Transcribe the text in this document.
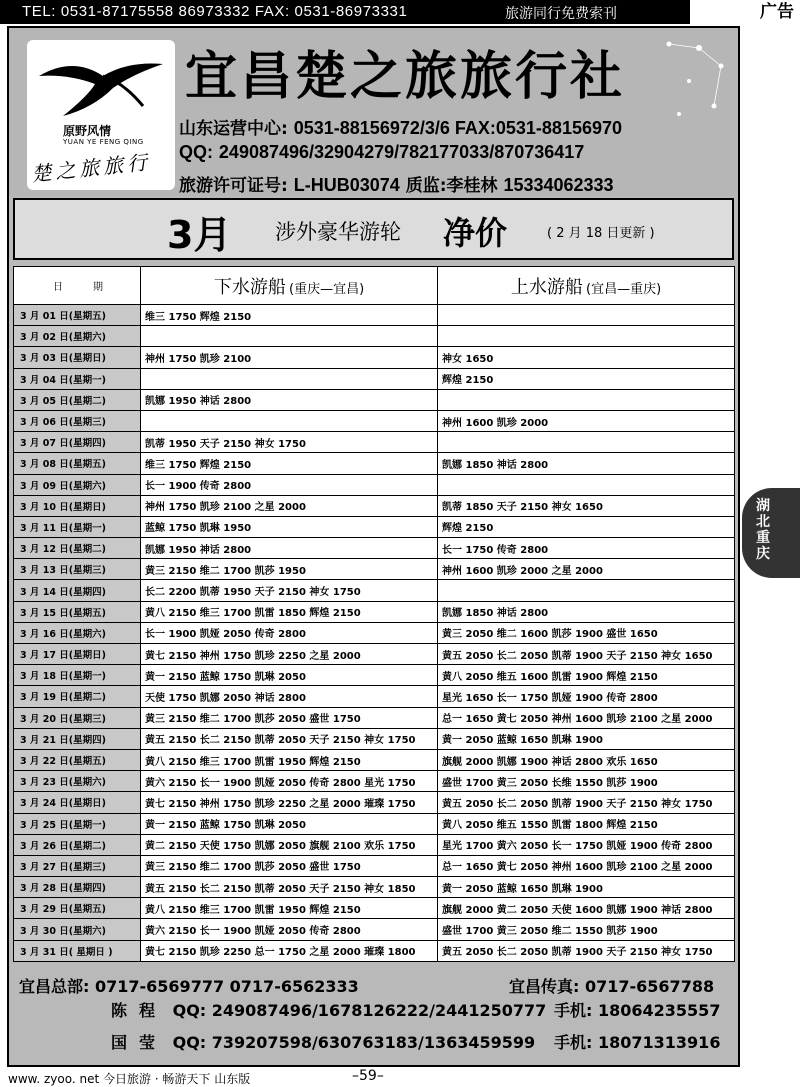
TEL: 0531-87175558 86973332 FAX: 0531-86973331	旅游同行免费索刊	广告
原野风情
YUAN YE FENG QING
楚之旅旅行
宜昌楚之旅旅行社
山东运营中心: 0531-88156972/3/6 FAX:0531-88156970
QQ: 249087496/32904279/782177033/870736417
旅游许可证号: L-HUB03074 质监:李桂林 15334062333
3月 涉外豪华游轮 净价	( 2 月 18 日更新 )
日期	下水游船 (重庆—宜昌)	上水游船 (宜昌—重庆)
3 月 01 日(星期五)	维三 1750 辉煌 2150	
3 月 02 日(星期六)		
3 月 03 日(星期日)	神州 1750 凯珍 2100	神女 1650
3 月 04 日(星期一)		辉煌 2150
3 月 05 日(星期二)	凯娜 1950 神话 2800	
3 月 06 日(星期三)		神州 1600 凯珍 2000
3 月 07 日(星期四)	凯蒂 1950 天子 2150 神女 1750	
3 月 08 日(星期五)	维三 1750 辉煌 2150	凯娜 1850 神话 2800
3 月 09 日(星期六)	长一 1900 传奇 2800	
3 月 10 日(星期日)	神州 1750 凯珍 2100 之星 2000	凯蒂 1850 天子 2150 神女 1650
3 月 11 日(星期一)	蓝鲸 1750 凯琳 1950	辉煌 2150
3 月 12 日(星期二)	凯娜 1950 神话 2800	长一 1750 传奇 2800
3 月 13 日(星期三)	黄三 2150 维二 1700 凯莎 1950	神州 1600 凯珍 2000 之星 2000
3 月 14 日(星期四)	长二 2200 凯蒂 1950 天子 2150 神女 1750	
3 月 15 日(星期五)	黄八 2150 维三 1700 凯雷 1850 辉煌 2150	凯娜 1850 神话 2800
3 月 16 日(星期六)	长一 1900 凯娅 2050 传奇 2800	黄三 2050 维二 1600 凯莎 1900 盛世 1650
3 月 17 日(星期日)	黄七 2150 神州 1750 凯珍 2250 之星 2000	黄五 2050 长二 2050 凯蒂 1900 天子 2150 神女 1650
3 月 18 日(星期一)	黄一 2150 蓝鲸 1750 凯琳 2050	黄八 2050 维五 1600 凯雷 1900 辉煌 2150
3 月 19 日(星期二)	天使 1750 凯娜 2050 神话 2800	星光 1650 长一 1750 凯娅 1900 传奇 2800
3 月 20 日(星期三)	黄三 2150 维二 1700 凯莎 2050 盛世 1750	总一 1650 黄七 2050 神州 1600 凯珍 2100 之星 2000
3 月 21 日(星期四)	黄五 2150 长二 2150 凯蒂 2050 天子 2150 神女 1750	黄一 2050 蓝鲸 1650 凯琳 1900
3 月 22 日(星期五)	黄八 2150 维三 1700 凯雷 1950 辉煌 2150	旗舰 2000 凯娜 1900 神话 2800 欢乐 1650
3 月 23 日(星期六)	黄六 2150 长一 1900 凯娅 2050 传奇 2800 星光 1750	盛世 1700 黄三 2050 长维 1550 凯莎 1900
3 月 24 日(星期日)	黄七 2150 神州 1750 凯珍 2250 之星 2000 璀璨 1750	黄五 2050 长二 2050 凯蒂 1900 天子 2150 神女 1750
3 月 25 日(星期一)	黄一 2150 蓝鲸 1750 凯琳 2050	黄八 2050 维五 1550 凯雷 1800 辉煌 2150
3 月 26 日(星期二)	黄二 2150 天使 1750 凯娜 2050 旗舰 2100 欢乐 1750	星光 1700 黄六 2050 长一 1750 凯娅 1900 传奇 2800
3 月 27 日(星期三)	黄三 2150 维二 1700 凯莎 2050 盛世 1750	总一 1650 黄七 2050 神州 1600 凯珍 2100 之星 2000
3 月 28 日(星期四)	黄五 2150 长二 2150 凯蒂 2050 天子 2150 神女 1850	黄一 2050 蓝鲸 1650 凯琳 1900
3 月 29 日(星期五)	黄八 2150 维三 1700 凯雷 1950 辉煌 2150	旗舰 2000 黄二 2050 天使 1600 凯娜 1900 神话 2800
3 月 30 日(星期六)	黄六 2150 长一 1900 凯娅 2050 传奇 2800	盛世 1700 黄三 2050 维二 1550 凯莎 1900
3 月 31 日( 星期日 )	黄七 2150 凯珍 2250 总一 1750 之星 2000 璀璨 1800	黄五 2050 长二 2050 凯蒂 1900 天子 2150 神女 1750
宜昌总部: 0717-6569777 0717-6562333	宜昌传真: 0717-6567788
陈程 QQ: 249087496/1678126222/2441250777 手机: 18064235557
国莹 QQ: 739207598/630763183/1363459599 手机: 18071313916
湖北重庆
www. zyoo. net 今日旅游 · 畅游天下 山东版	–59–
